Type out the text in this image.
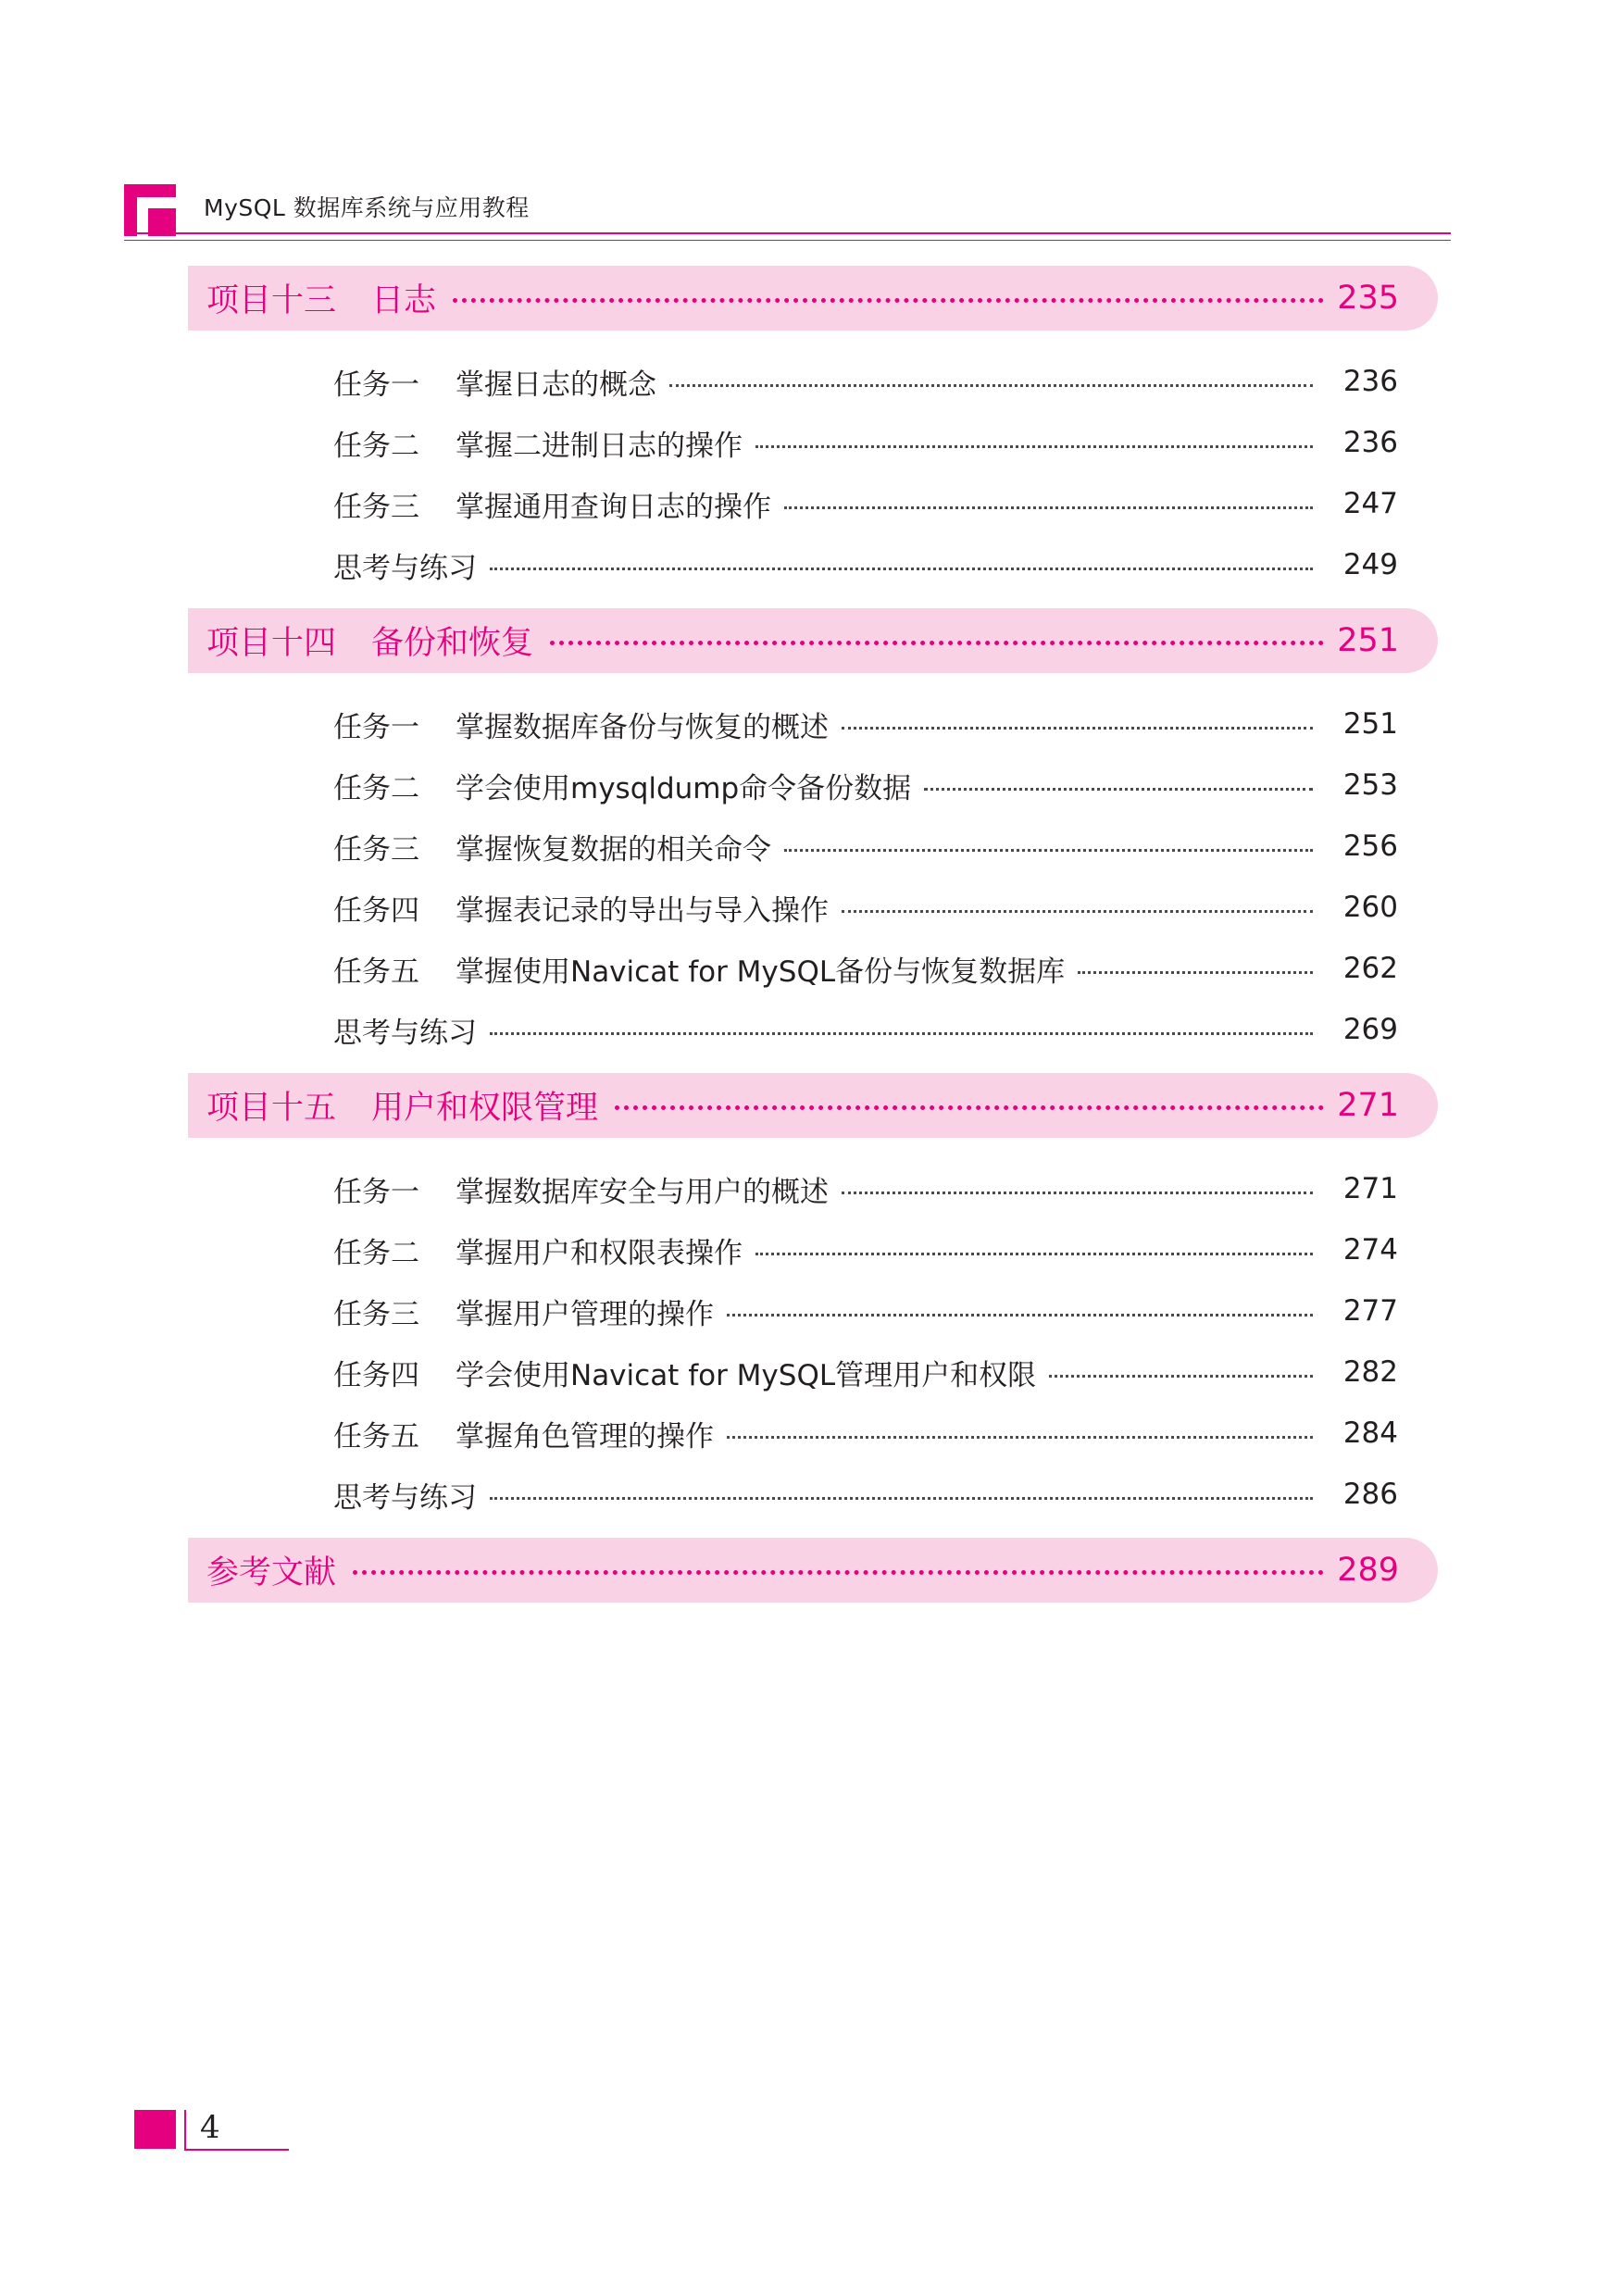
MySQL 数据库系统与应用教程
项目十三 日志	235
任务一	掌握日志的概念	236
任务二	掌握二进制日志的操作	236
任务三	掌握通用查询日志的操作	247
思考与练习	249
项目十四 备份和恢复	251
任务一	掌握数据库备份与恢复的概述	251
任务二	学会使用mysqldump命令备份数据	253
任务三	掌握恢复数据的相关命令	256
任务四	掌握表记录的导出与导入操作	260
任务五	掌握使用Navicat for MySQL备份与恢复数据库	262
思考与练习	269
项目十五 用户和权限管理	271
任务一	掌握数据库安全与用户的概述	271
任务二	掌握用户和权限表操作	274
任务三	掌握用户管理的操作	277
任务四	学会使用Navicat for MySQL管理用户和权限	282
任务五	掌握角色管理的操作	284
思考与练习	286
参考文献	289
4
